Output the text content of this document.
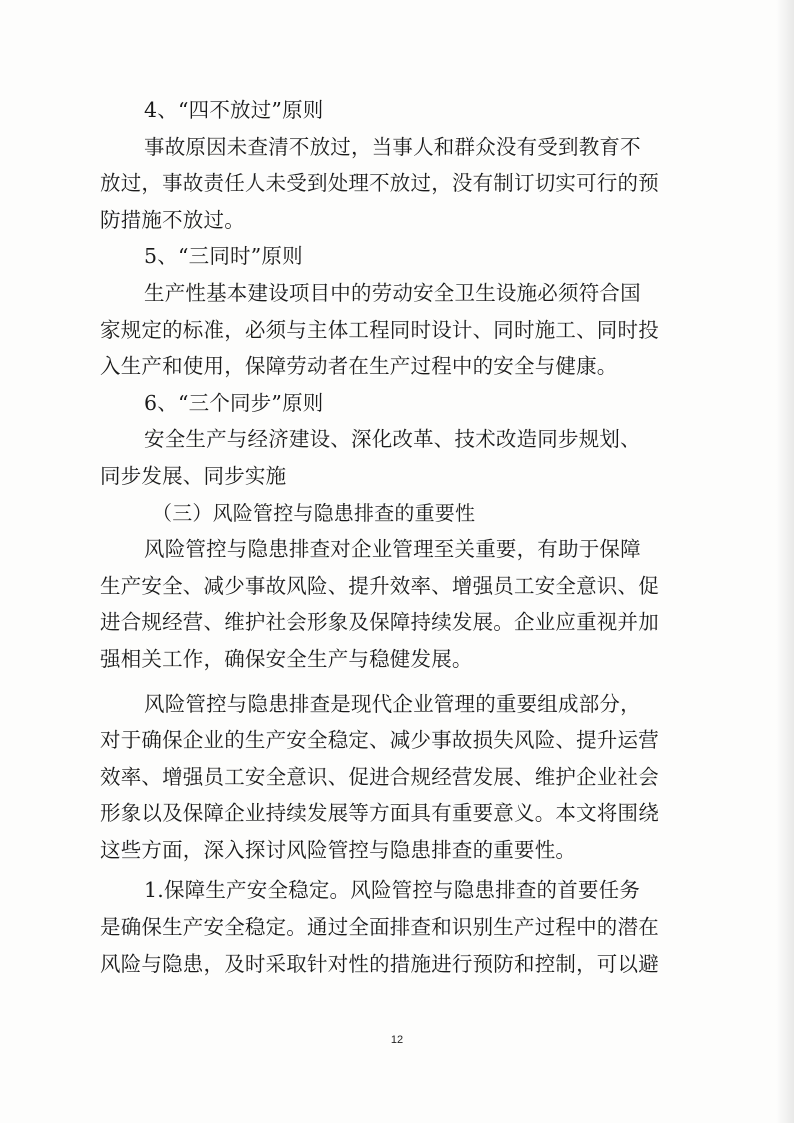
4、“四不放过”原则
事故原因未查清不放过，当事人和群众没有受到教育不
放过，事故责任人未受到处理不放过，没有制订切实可行的预
防措施不放过。
5、“三同时”原则
生产性基本建设项目中的劳动安全卫生设施必须符合国
家规定的标准，必须与主体工程同时设计、同时施工、同时投
入生产和使用，保障劳动者在生产过程中的安全与健康。
6、“三个同步”原则
安全生产与经济建设、深化改革、技术改造同步规划、
同步发展、同步实施
（三）风险管控与隐患排查的重要性
风险管控与隐患排查对企业管理至关重要，有助于保障
生产安全、减少事故风险、提升效率、增强员工安全意识、促
进合规经营、维护社会形象及保障持续发展。企业应重视并加
强相关工作，确保安全生产与稳健发展。
风险管控与隐患排查是现代企业管理的重要组成部分，
对于确保企业的生产安全稳定、减少事故损失风险、提升运营
效率、增强员工安全意识、促进合规经营发展、维护企业社会
形象以及保障企业持续发展等方面具有重要意义。本文将围绕
这些方面，深入探讨风险管控与隐患排查的重要性。
1.保障生产安全稳定。风险管控与隐患排查的首要任务
是确保生产安全稳定。通过全面排查和识别生产过程中的潜在
风险与隐患，及时采取针对性的措施进行预防和控制，可以避
12
